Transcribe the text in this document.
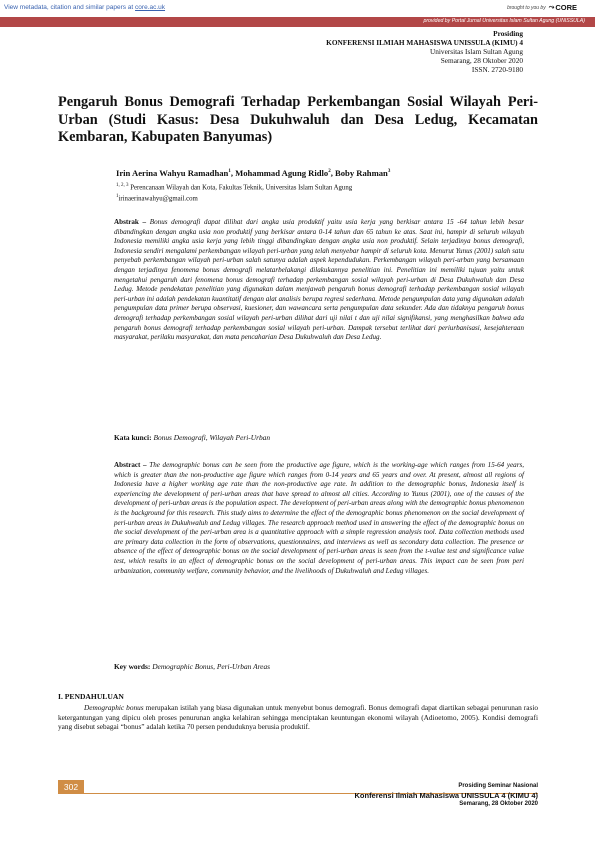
View metadata, citation and similar papers at core.ac.uk	brought to you by ⤳ CORE
provided by Portal Jurnal Universitas Islam Sultan Agung (UNISSULA)
Prosiding
KONFERENSI ILMIAH MAHASISWA UNISSULA (KIMU) 4
Universitas Islam Sultan Agung
Semarang, 28 Oktober 2020
ISSN. 2720-9180
Pengaruh Bonus Demografi Terhadap Perkembangan Sosial Wilayah Peri-Urban (Studi Kasus: Desa Dukuhwaluh dan Desa Ledug, Kecamatan Kembaran, Kabupaten Banyumas)
Irin Aerina Wahyu Ramadhan$^1$, Mohammad Agung Ridlo$^2$, Boby Rahman$^3$
$^{1, 2, 3}$ Perencanaan Wilayah dan Kota, Fakultas Teknik, Universitas Islam Sultan Agung
$^1$irinaerinawahyu@gmail.com
Abstrak – Bonus demografi dapat dilihat dari angka usia produktif yaitu usia kerja yang berkisar antara 15 -64 tahun lebih besar dibandingkan dengan angka usia non produktif yang berkisar antara 0-14 tahun dan 65 tahun ke atas. Saat ini, hampir di seluruh wilayah Indonesia memiliki angka usia kerja yang lebih tinggi dibandingkan dengan angka usia non produktif. Selain terjadinya bonus demografi, Indonesia sendiri mengalami perkembangan wilayah peri-urban yang telah menyebar hampir di seluruh kota. Menurut Yunus (2001) salah satu penyebab perkembangan wilayah peri-urban salah satunya adalah aspek kependudukan. Perkembangan wilayah peri-urban yang bersamaan dengan terjadinya fenomena bonus demografi melatarbelakangi dilakukannya penelitian ini. Penelitian ini memiliki tujuan yaitu untuk mengetahui pengaruh dari fenomena bonus demografi terhadap perkembangan sosial wilayah peri-urban di Desa Dukuhwaluh dan Desa Ledug. Metode pendekatan penelitian yang digunakan dalam menjawab pengaruh bonus demografi terhadap perkembangan sosial wilayah peri-urban ini adalah pendekatan kuantitatif dengan alat analisis berupa regresi sederhana. Metode pengumpulan data yang digunakan adalah pengumpulan data primer berupa observasi, kuesioner, dan wawancara serta pengumpulan data sekunder. Ada dan tidaknya pengaruh bonus demografi terhadap perkembangan sosial wilayah peri-urban dilihat dari uji nilai t dan uji nilai signifikansi, yang menghasilkan bahwa ada pengaruh bonus demografi terhadap perkembangan sosial wilayah peri-urban. Dampak tersebut terlihat dari periurbanisasi, kesejahteraan masyarakat, perilaku masyarakat, dan mata pencaharian Desa Dukuhwaluh dan Desa Ledug.
Kata kunci: Bonus Demografi, Wilayah Peri-Urban
Abstract – The demographic bonus can be seen from the productive age figure, which is the working-age which ranges from 15-64 years, which is greater than the non-productive age figure which ranges from 0-14 years and 65 years and over. At present, almost all regions of Indonesia have a higher working age rate than the non-productive age rate. In addition to the demographic bonus, Indonesia itself is experiencing the development of peri-urban areas that have spread to almost all cities. According to Yunus (2001), one of the causes of the development of peri-urban areas is the population aspect. The development of peri-urban areas along with the demographic bonus phenomenon is the background for this research. This study aims to determine the effect of the demographic bonus phenomenon on the social development of peri-urban areas in Dukuhwaluh and Ledug villages. The research approach method used in answering the effect of the demographic bonus on the social development of the peri-urban area is a quantitative approach with a simple regression analysis tool. Data collection methods used are primary data collection in the form of observations, questionnaires, and interviews as well as secondary data collection. The presence or absence of the effect of demographic bonus on the social development of peri-urban areas is seen from the t-value test and significance value test, which results in an effect of demographic bonus on the social development of peri-urban areas. This impact can be seen from peri urbanization, community welfare, community behavior, and the livelihoods of Dukuhwaluh and Ledug villages.
Key words: Demographic Bonus, Peri-Urban Areas
I. PENDAHULUAN
Demographic bonus merupakan istilah yang biasa digunakan untuk menyebut bonus demografi. Bonus demografi dapat diartikan sebagai penurunan rasio ketergantungan yang dipicu oleh proses penurunan angka kelahiran sehingga menciptakan keuntungan ekonomi wilayah (Adioetomo, 2005). Kondisi demografi yang disebut sebagai “bonus” adalah ketika 70 persen penduduknya berusia produktif.
302	Prosiding Seminar Nasional
Konferensi Ilmiah Mahasiswa UNISSULA 4 (KIMU 4)
Semarang, 28 Oktober 2020
